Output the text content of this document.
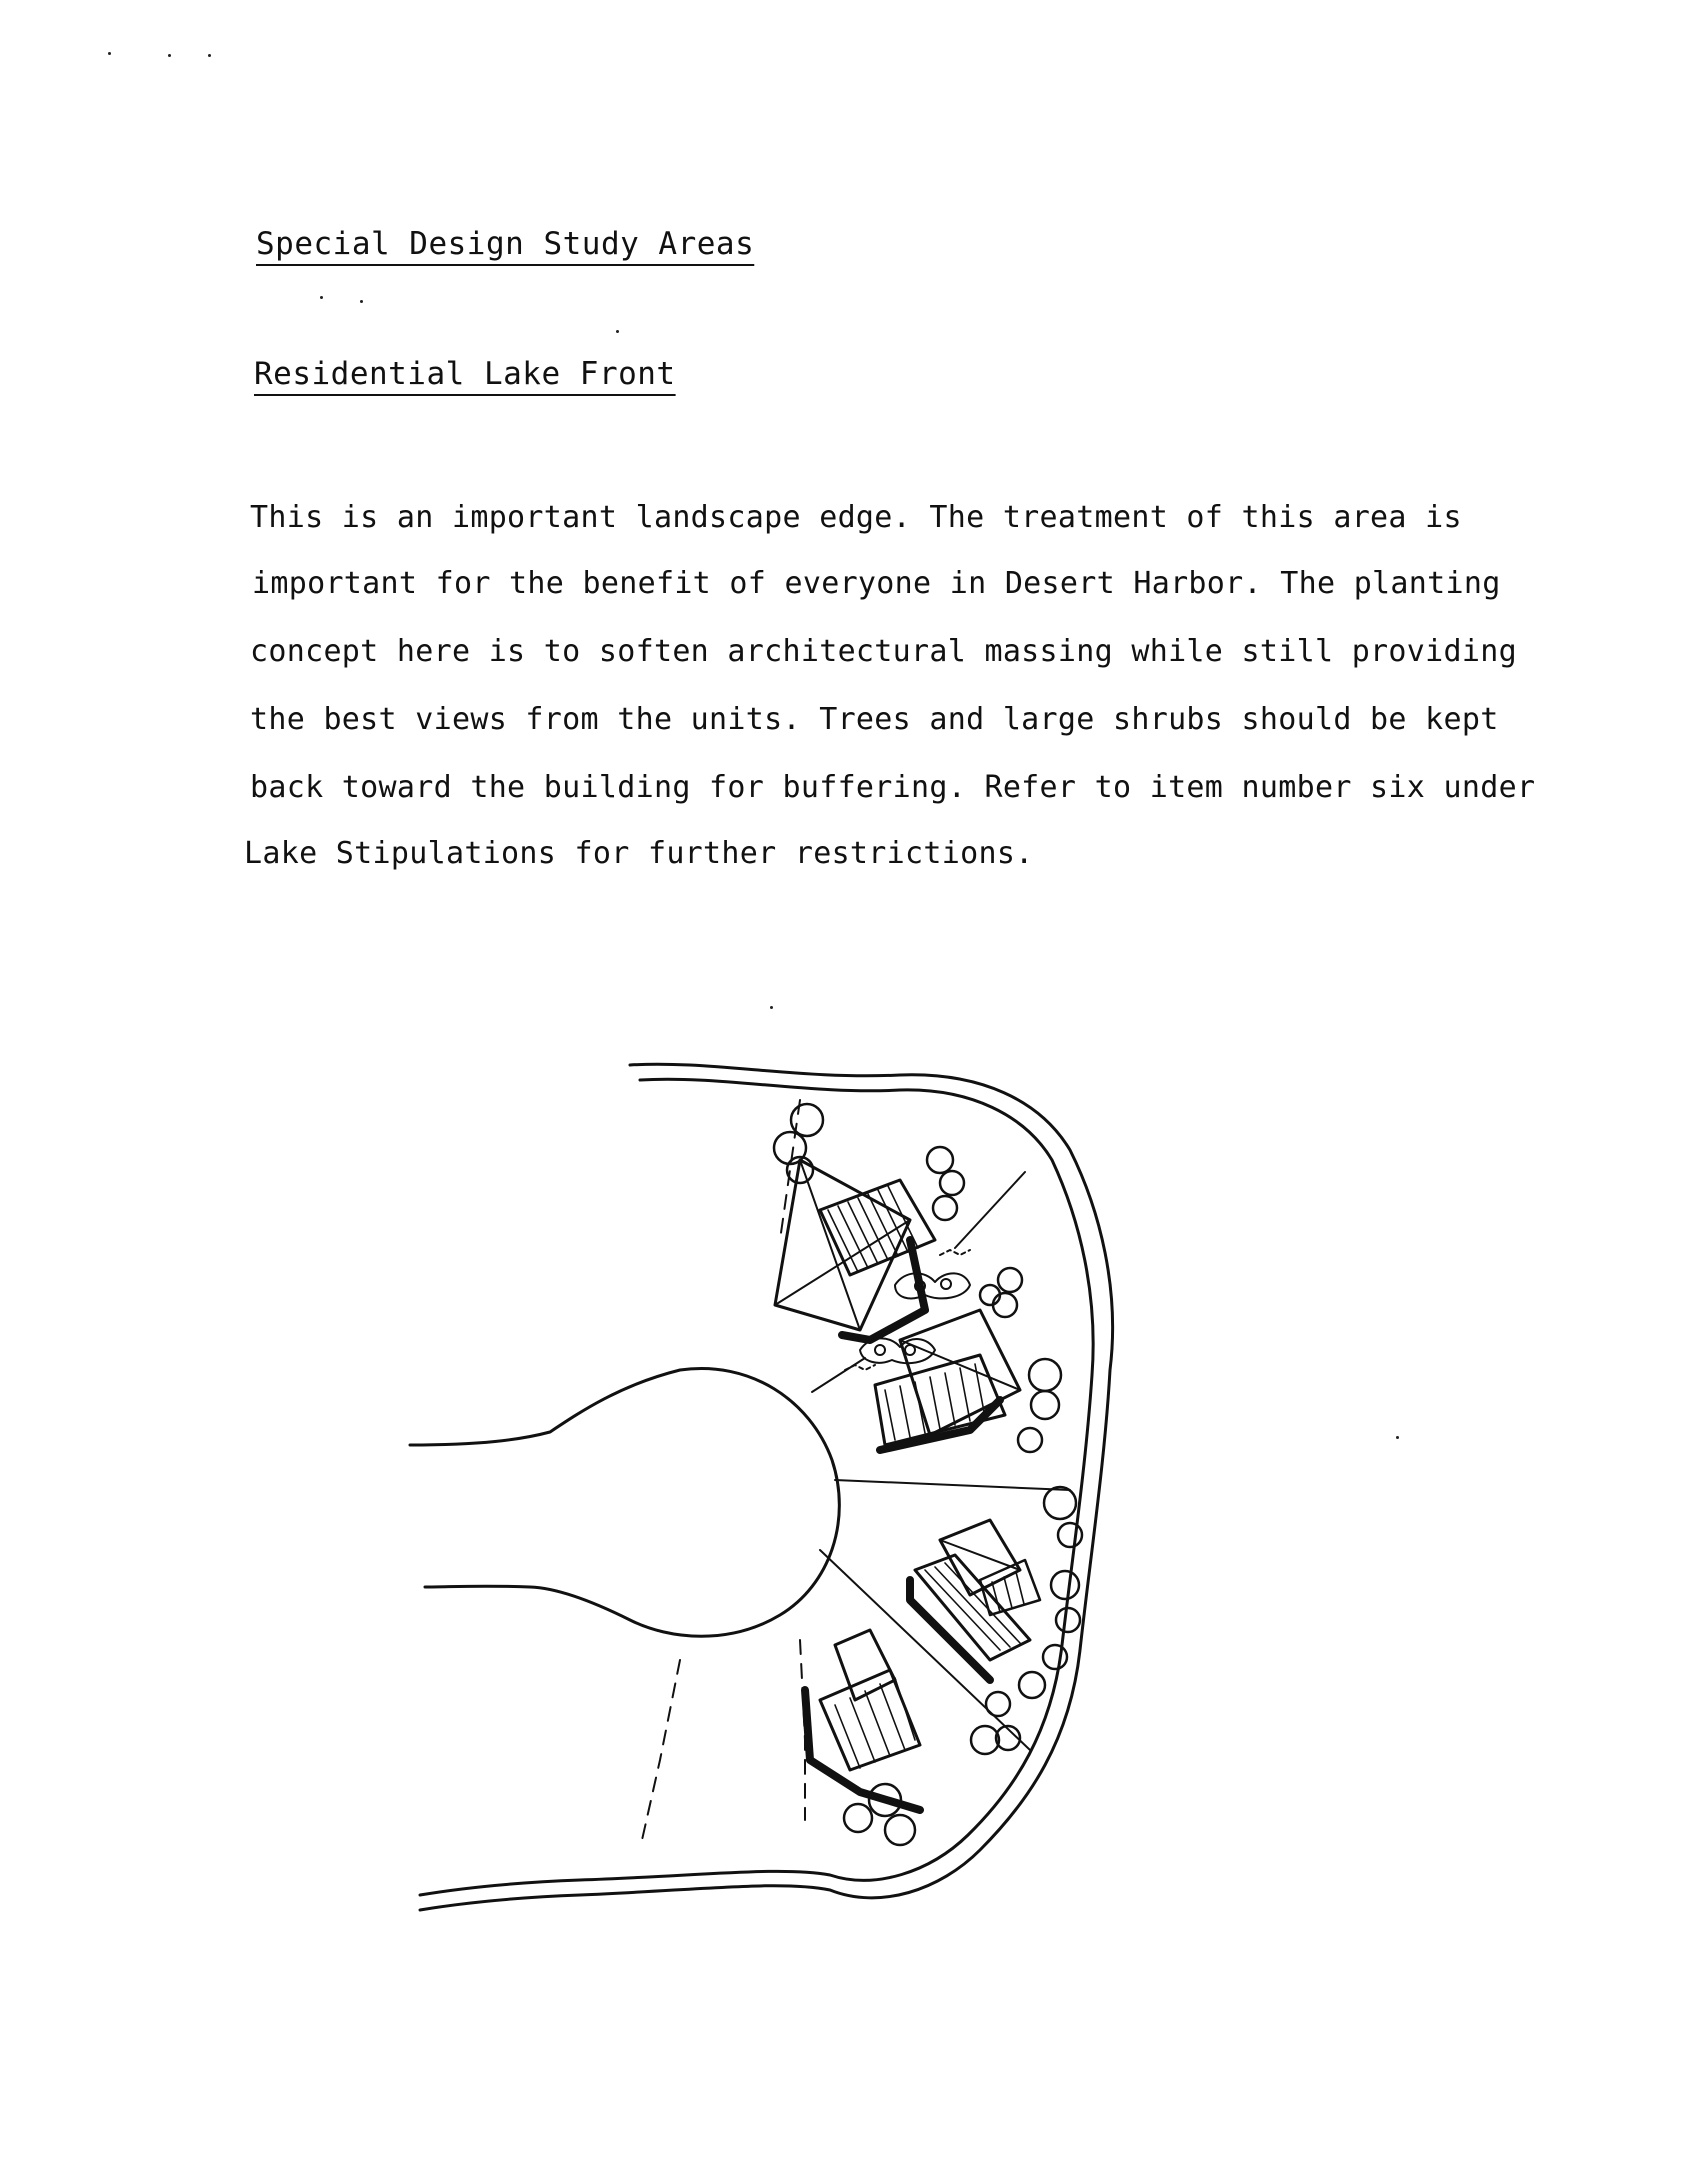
Special Design Study Areas
Residential Lake Front
This is an important landscape edge. The treatment of this area is
important for the benefit of everyone in Desert Harbor. The planting
concept here is to soften architectural massing while still providing
the best views from the units. Trees and large shrubs should be kept
back toward the building for buffering. Refer to item number six under
Lake Stipulations for further restrictions.
